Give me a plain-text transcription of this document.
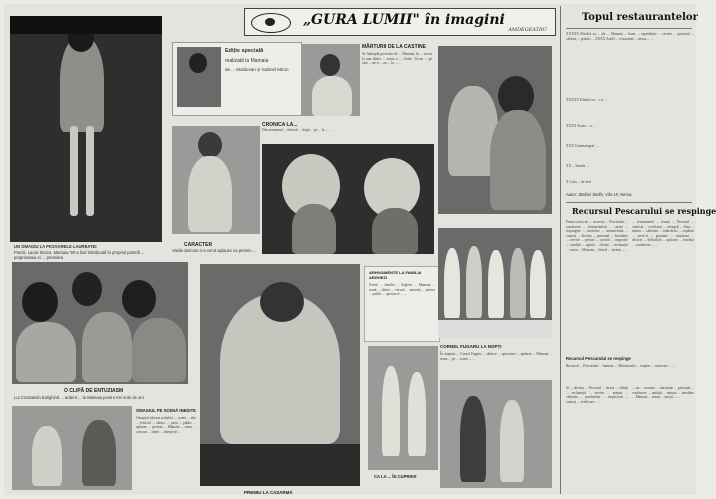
„GURA LUMII" în imagini
AMDEGEATRU
UN OMAGIU LA PICIOARELE LAUREATEI
Poezii, Laura Stoica, Mamaia '90 a fost îmbrăcată în propriul pantofi ... proprietatea ei ... premiera
Ediție specială
realizată la Mamaia
de ... Moldovan și Gabriel Miron
MĂRTURII DE LA CASTINE
Se întâmplă povestea de ... Mamaia, în ... trecut la una dintre ... scena o ... cîntec. Vocea ... pe care ... ne-a ... un ... la ... ...
CARACTER
Vasile Șeicaru n-a cerut aplauze ca premiu ...
CRONICA LA...
Din momentul ... festival ... după ... pe ... la ... ...
O CLIPĂ DE ENTUZIASM
Lui Constantin Bulighină ... ardent ... la Mamaia pentru trei sute de ani.
OMAGIUL PE SCENĂ INEDITE
Omagiul adresat artiștilor ... scenă ... zile ... festival ... cântec ... juriu ... public ... aplauze ... premiu ... Mamaia ... seara ... concurs ... tineri ... interpreți ...
PREMIU LA CAZARMĂ
ARHIVAMENTE LA FAMILIA ARGHEZI
Poetul ... familia ... Arghezi ... Mamaia ... seară ... cântec ... versuri ... amintiri ... pentru ... public ... spectacol ... ...
CA LA ... ÎN CUPRINS
CORNEL FUGARU LA NOPȚI
În noaptea ... Cornel Fugaru ... cântece ... spectatori ... aplauze ... Mamaia ... seara ... pe ... scena ... ...
Topul restaurantelor
XXXXX Fiindcă sa ... ale ... Mamaia ... bune ... ospitalitate ... servire ... personal ... calitate ... preturi ... XXXX Astfel ... restaurant ... terasa ... ...
XXXXX Fiindcă sa ... s-a ...
XXXX Acasa ... a ...
XXX Cinematograf ...
XX ... bunele ...
X Lista ... de vise
Autor: Stelian Stella, Vila 15, Nerva.
Recursul Pescarului se respinge
Pentru acest an ... recursul ... Pescarului ... conducere ... întreprinderii ... cerere ... respingere ... motivare ... ministerului ... comerț ... decizia ... personal ... bucătărie ... servire ... prețuri ... control ... inspecție ... condiții ... igienă ... clienți ... reclamații ... sezon ... Mamaia ... litoral ... turism ... ...
... restaurantul ... terasă ... Pescarul ... comisia ... verificare ... nereguli ... lista ... meniu ... calitatea ... mâncăruri ... ospătari ... servicii ... gestiune ... sancțiuni ... decizie ... definitivă ... aplicare ... imediat ... conducere ... ...
Recursul Pescarului se respinge
Recursul ... Pescarului ... înaintat ... Ministerului ... respins ... motivare ... ...
Și ... decizia ... Pescarul ... terasă ... clienți ... reclamații ... servire ... prețuri ... calitatea ... produselor ... inspectorii ... comerț ... verificare ... ...
... nu ... aceasta ... sancțiune ... personal ... conducere ... unității ... măsuri ... imediate ... Mamaia ... sezon ... turiști ... ...
